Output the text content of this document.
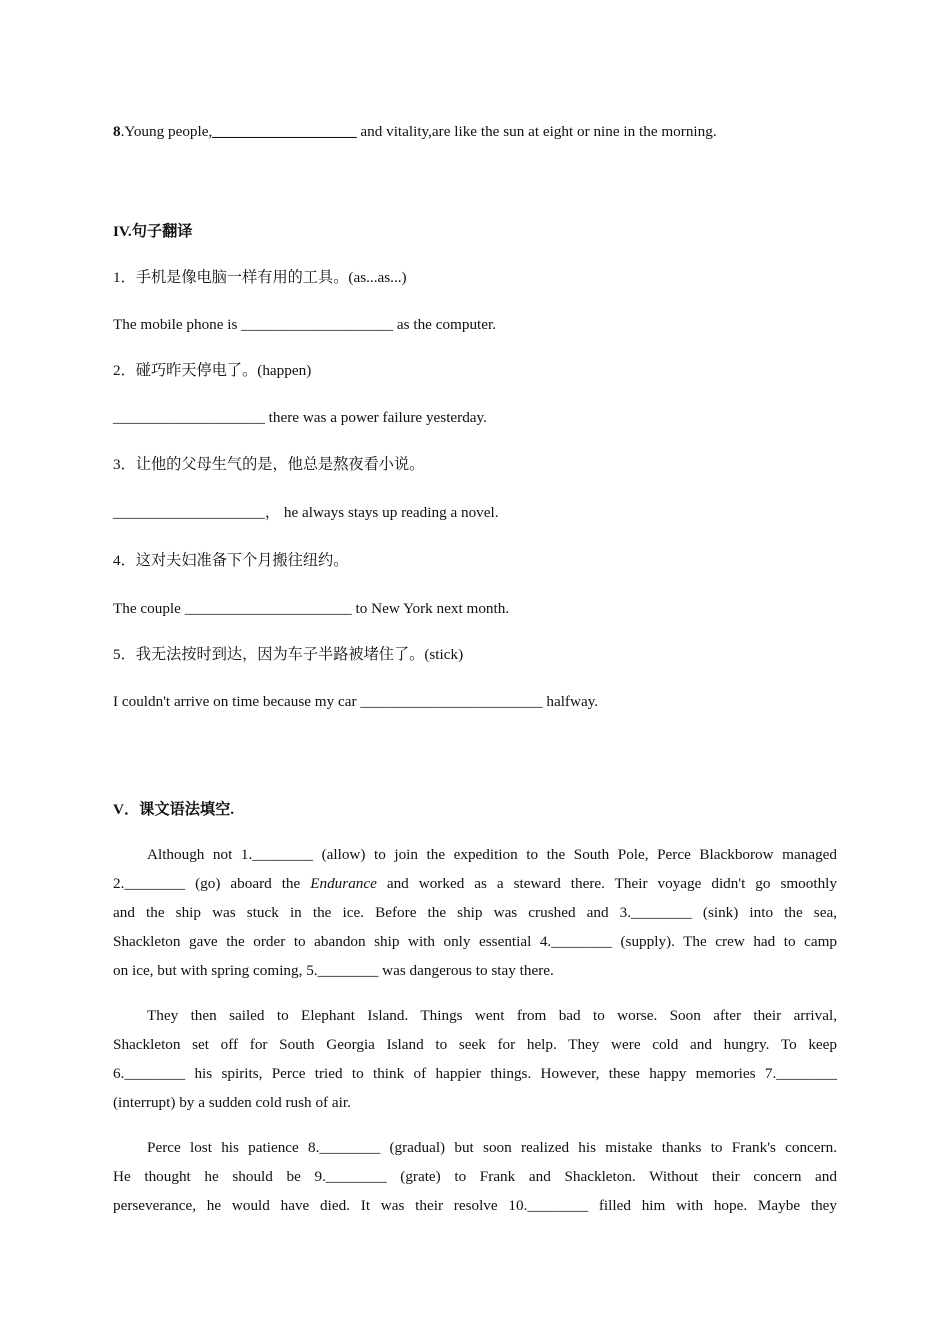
8.Young people,___________________ and vitality,are like the sun at eight or nine in the morning.
IV.句子翻译
1．手机是像电脑一样有用的工具。(as...as...)
The mobile phone is ____________________ as the computer.
2．碰巧昨天停电了。(happen)
____________________ there was a power failure yesterday.
3．让他的父母生气的是，他总是熬夜看小说。
____________________， he always stays up reading a novel.
4．这对夫妇准备下个月搬往纽约。
The couple ______________________ to New York next month.
5．我无法按时到达，因为车子半路被堵住了。(stick)
I couldn't arrive on time because my car ________________________ halfway.
V．课文语法填空.
Although not 1.________ (allow) to join the expedition to the South Pole, Perce Blackborow managed
2.________ (go) aboard the Endurance and worked as a steward there. Their voyage didn't go smoothly
and the ship was stuck in the ice. Before the ship was crushed and 3.________ (sink) into the sea,
Shackleton gave the order to abandon ship with only essential 4.________ (supply). The crew had to camp
on ice, but with spring coming, 5.________ was dangerous to stay there.
They then sailed to Elephant Island. Things went from bad to worse. Soon after their arrival,
Shackleton set off for South Georgia Island to seek for help. They were cold and hungry. To keep
6.________ his spirits, Perce tried to think of happier things. However, these happy memories 7.________
(interrupt) by a sudden cold rush of air.
Perce lost his patience 8.________ (gradual) but soon realized his mistake thanks to Frank's concern.
He thought he should be 9.________ (grate) to Frank and Shackleton. Without their concern and
perseverance, he would have died. It was their resolve 10.________ filled him with hope. Maybe they
